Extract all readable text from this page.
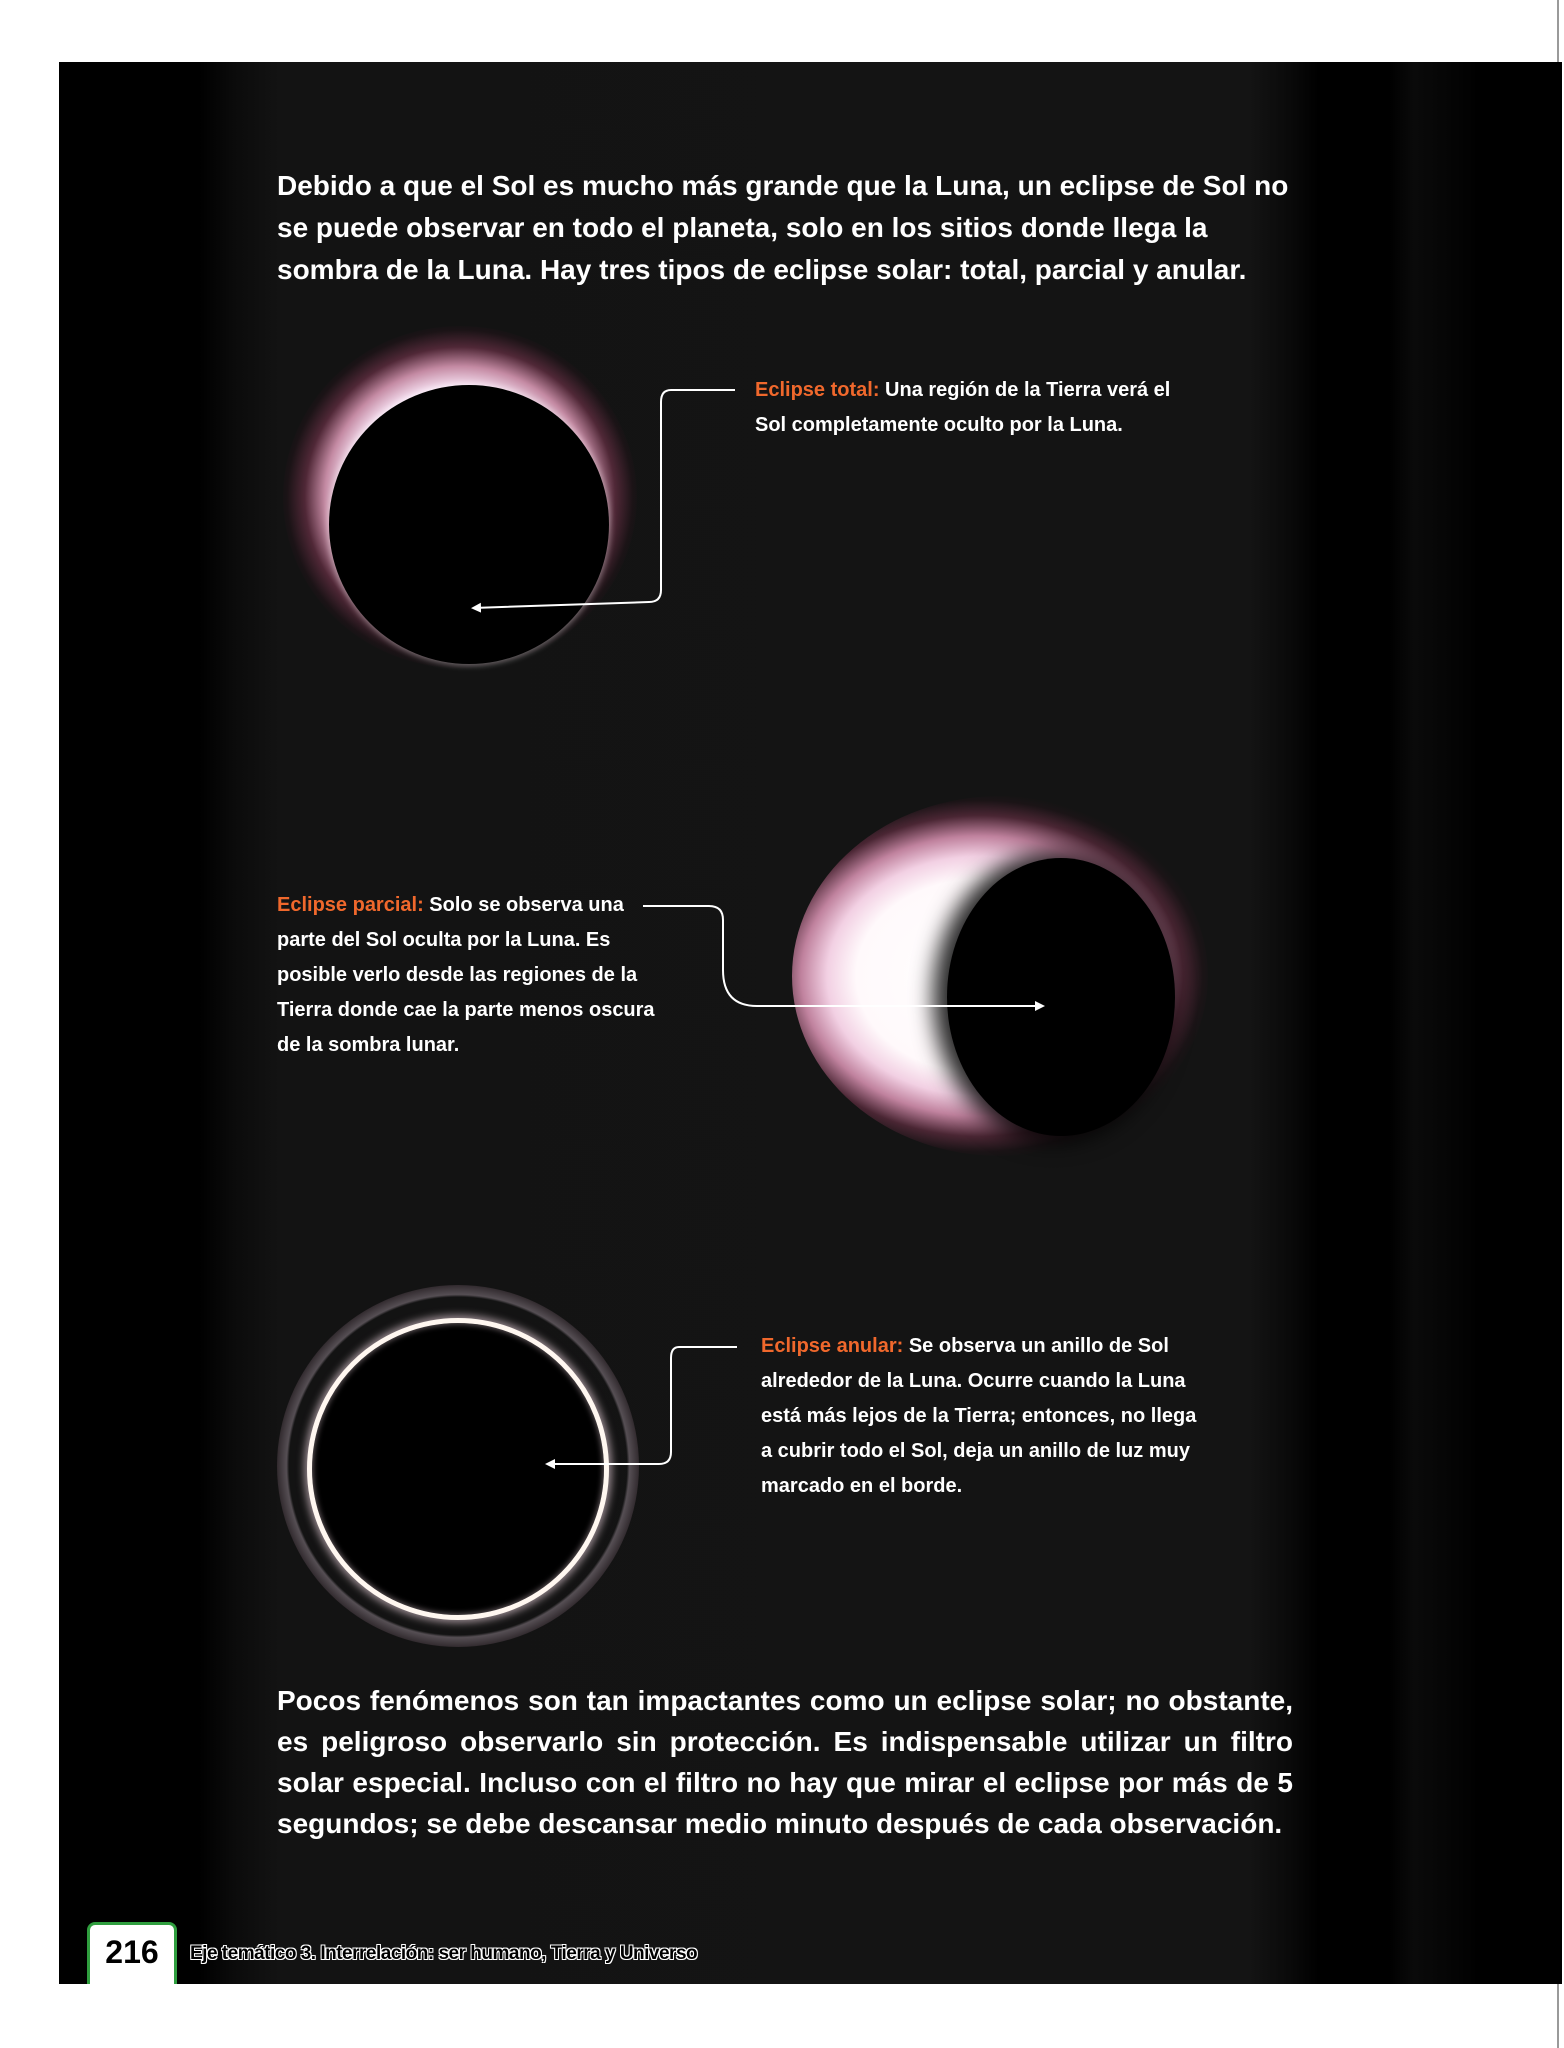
Debido a que el Sol es mucho más grande que la Luna, un eclipse de Sol no se puede observar en todo el planeta, solo en los sitios donde llega la sombra de la Luna. Hay tres tipos de eclipse solar: total, parcial y anular.

Eclipse total: Una región de la Tierra verá el Sol completamente oculto por la Luna.

Eclipse parcial: Solo se observa una parte del Sol oculta por la Luna. Es posible verlo desde las regiones de la Tierra donde cae la parte menos oscura de la sombra lunar.

Eclipse anular: Se observa un anillo de Sol alrededor de la Luna. Ocurre cuando la Luna está más lejos de la Tierra; entonces, no llega a cubrir todo el Sol, deja un anillo de luz muy marcado en el borde.

Pocos fenómenos son tan impactantes como un eclipse solar; no obstante, es peligroso observarlo sin protección. Es indispensable utilizar un filtro solar especial. Incluso con el filtro no hay que mirar el eclipse por más de 5 segundos; se debe descansar medio minuto después de cada observación.

216	Eje temático 3. Interrelación: ser humano, Tierra y Universo
